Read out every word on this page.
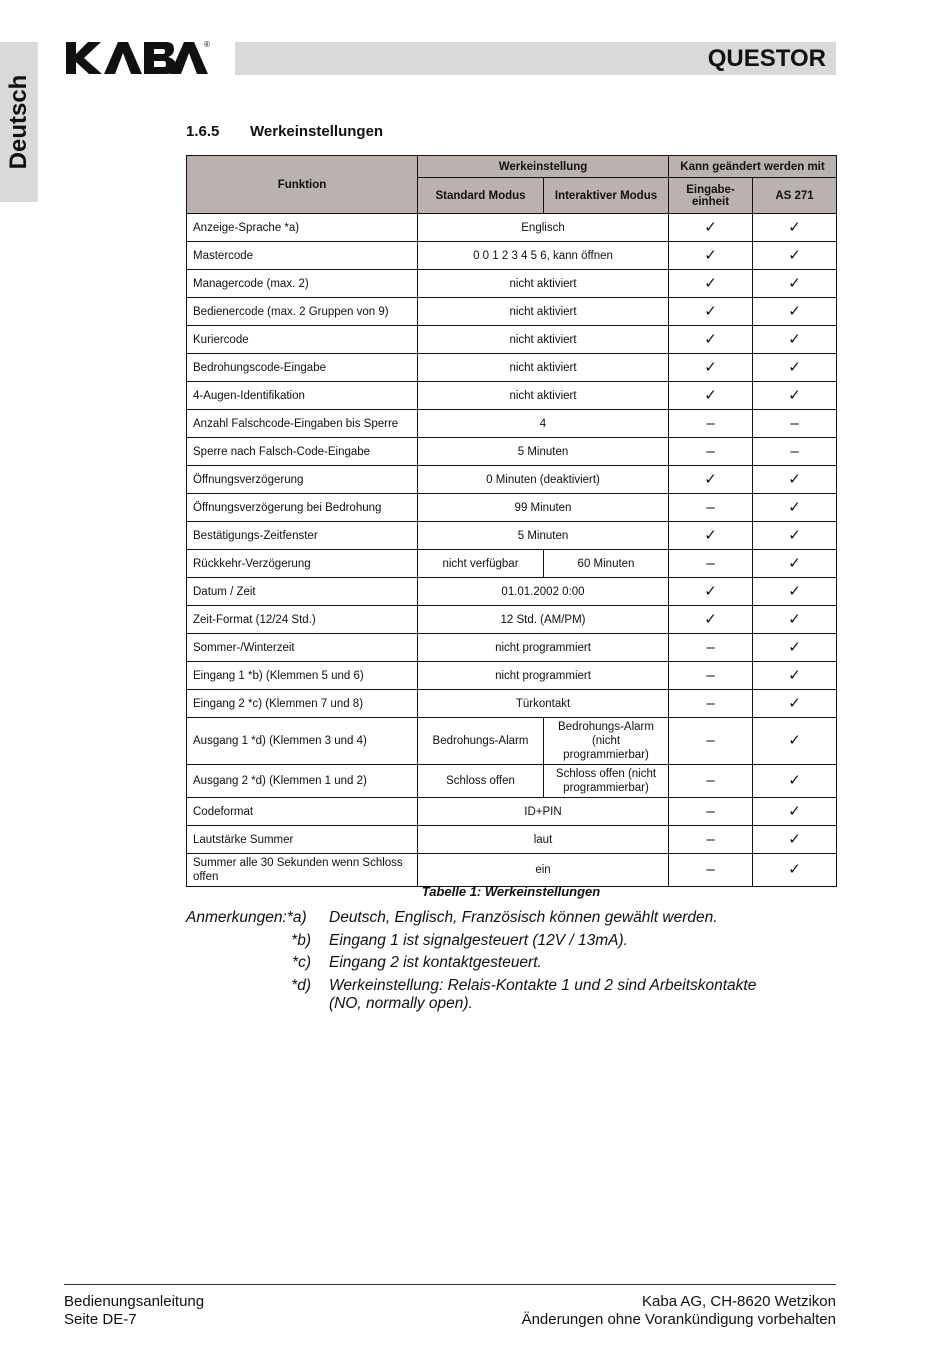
Deutsch
®
QUESTOR
1.6.5 Werkeinstellungen
Funktion	Werkeinstellung		Kann geändert werden mit	
	Standard Modus	Interaktiver Modus	Eingabe-einheit	AS 271
Anzeige-Sprache *a)	Englisch		✓	✓
Mastercode	0 0 1 2 3 4 5 6, kann öffnen		✓	✓
Managercode (max. 2)	nicht aktiviert		✓	✓
Bedienercode (max. 2 Gruppen von 9)	nicht aktiviert		✓	✓
Kuriercode	nicht aktiviert		✓	✓
Bedrohungscode-Eingabe	nicht aktiviert		✓	✓
4-Augen-Identifikation	nicht aktiviert		✓	✓
Anzahl Falschcode-Eingaben bis Sperre	4		–	–
Sperre nach Falsch-Code-Eingabe	5 Minuten		–	–
Öffnungsverzögerung	0 Minuten (deaktiviert)		✓	✓
Öffnungsverzögerung bei Bedrohung	99 Minuten		–	✓
Bestätigungs-Zeitfenster	5 Minuten		✓	✓
Rückkehr-Verzögerung	nicht verfügbar	60 Minuten	–	✓
Datum / Zeit	01.01.2002 0:00		✓	✓
Zeit-Format (12/24 Std.)	12 Std. (AM/PM)		✓	✓
Sommer-/Winterzeit	nicht programmiert		–	✓
Eingang 1 *b) (Klemmen 5 und 6)	nicht programmiert		–	✓
Eingang 2 *c) (Klemmen 7 und 8)	Türkontakt		–	✓
Ausgang 1 *d) (Klemmen 3 und 4)	Bedrohungs-Alarm	Bedrohungs-Alarm (nicht programmierbar)	–	✓
Ausgang 2 *d) (Klemmen 1 und 2)	Schloss offen	Schloss offen (nicht programmierbar)	–	✓
Codeformat	ID+PIN		–	✓
Lautstärke Summer	laut		–	✓
Summer alle 30 Sekunden wenn Schloss offen	ein		–	✓
Tabelle 1: Werkeinstellungen
Anmerkungen:*a)	Deutsch, Englisch, Französisch können gewählt werden.
*b)	Eingang 1 ist signalgesteuert (12V / 13mA).
*c)	Eingang 2 ist kontaktgesteuert.
*d)	Werkeinstellung: Relais-Kontakte 1 und 2 sind Arbeitskontakte (NO, normally open).
Bedienungsanleitung
Seite DE-7
Kaba AG, CH-8620 Wetzikon
Änderungen ohne Vorankündigung vorbehalten
